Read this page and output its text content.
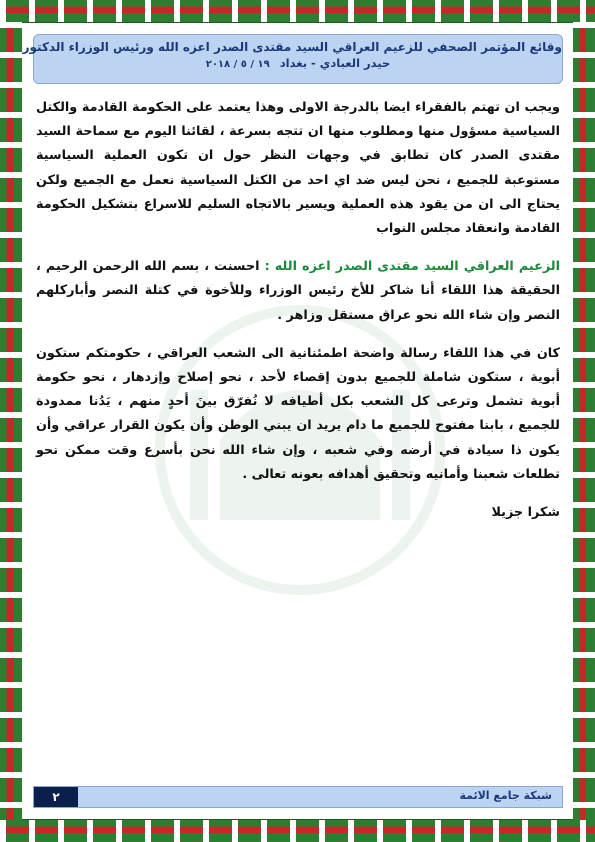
وقائع المؤتمر الصحفي للزعيم العراقي السيد مقتدى الصدر اعزه الله ورئيس الوزراء الدكتور
حيدر العبادي - بغداد ١٩ / ٥ / ٢٠١٨

ويجب ان تهتم بالفقراء ايضا بالدرجة الاولى وهذا يعتمد على الحكومة القادمة والكتل السياسية مسؤول منها ومطلوب منها ان تتجه بسرعة ، لقائنا اليوم مع سماحة السيد مقتدى الصدر كان تطابق في وجهات النظر حول ان تكون العملية السياسية مستوعبة للجميع ، نحن ليس ضد اي احد من الكتل السياسية نعمل مع الجميع ولكن يحتاج الى ان من يقود هذه العملية ويسير بالاتجاه السليم للاسراع بتشكيل الحكومة القادمة وانعقاد مجلس النواب

الزعيم العراقي السيد مقتدى الصدر اعزه الله : احسنت ، بسم الله الرحمن الرحيم ، الحقيقة هذا اللقاء أنا شاكر للأخ رئيس الوزراء وللأخوة في كتلة النصر وأباركلهم النصر وإن شاء الله نحو عراق مستقل وزاهر .

كان في هذا اللقاء رسالة واضحة اطمئنانية الى الشعب العراقي ، حكومتكم ستكون أبوية ، ستكون شاملة للجميع بدون إقصاء لأحد ، نحو إصلاح وإزدهار ، نحو حكومة أبوية تشمل وترعى كل الشعب بكل أطيافه لا نُفرّق بينَ أحدٍ منهم ، يَدُنا ممدودة للجميع ، بابنا مفتوح للجميع ما دام يريد ان يبني الوطن وأن يكون القرار عراقي وأن يكون ذا سيادة في أرضه وفي شعبه ، وإن شاء الله نحن بأسرع وقت ممكن نحو تطلعات شعبنا وأمانيه وتحقيق أهدافه بعونه تعالى .

شكرا جزيلا

شبكة جامع الائمة
٢
